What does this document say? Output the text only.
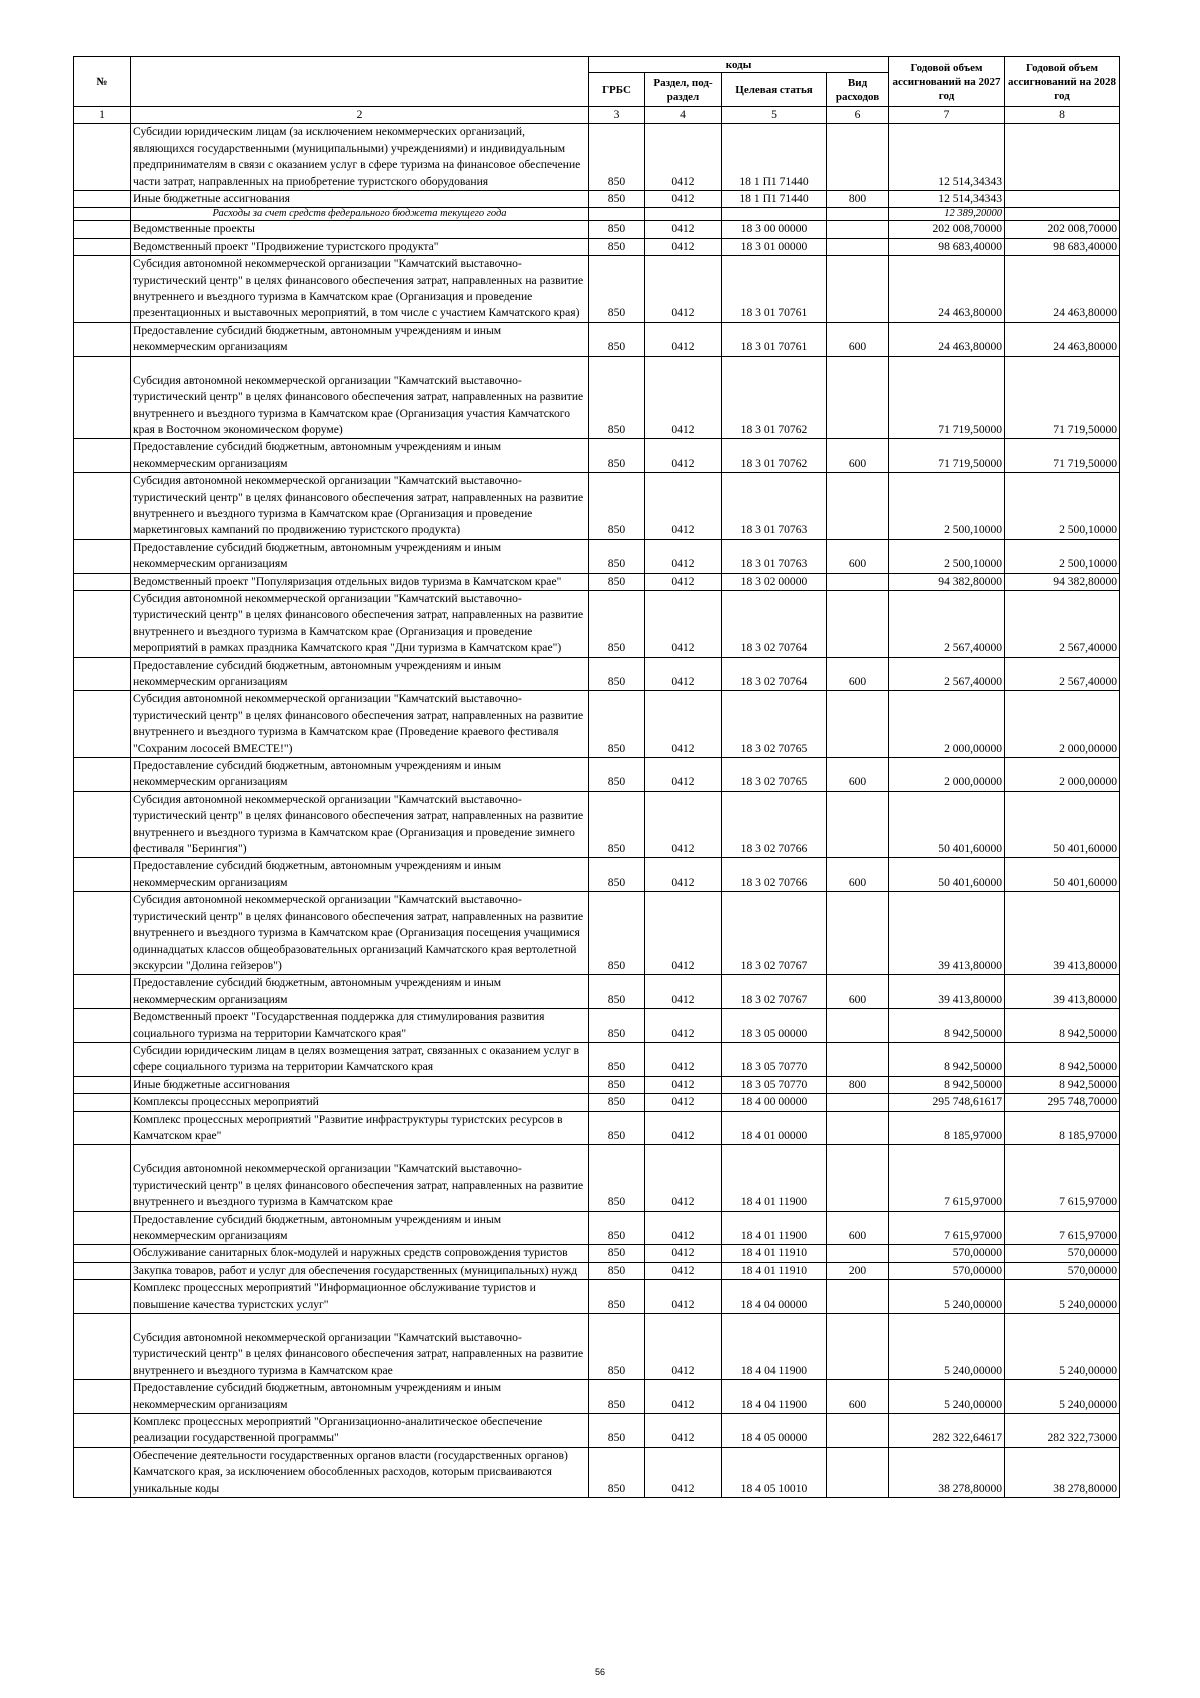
№		коды				Годовой объем ассигнований на 2027 год	Годовой объем ассигнований на 2028 год
		ГРБС	Раздел, под-раздел	Целевая статья	Вид расходов		
1	2	3	4	5	6	7	8
	Субсидии юридическим лицам (за исключением некоммерческих организаций, являющихся государственными (муниципальными) учреждениями) и индивидуальным предпринимателям в связи с оказанием услуг в сфере туризма на финансовое обеспечение части затрат, направленных на приобретение туристского оборудования	850	0412	18 1 П1 71440		12 514,34343	
	Иные бюджетные ассигнования	850	0412	18 1 П1 71440	800	12 514,34343	
	Расходы за счет средств федерального бюджета текущего года					12 389,20000	
	Ведомственные проекты	850	0412	18 3 00 00000		202 008,70000	202 008,70000
	Ведомственный проект "Продвижение туристского продукта"	850	0412	18 3 01 00000		98 683,40000	98 683,40000
	Субсидия автономной некоммерческой организации "Камчатский выставочно-туристический центр" в целях финансового обеспечения затрат, направленных на развитие внутреннего и въездного туризма в Камчатском крае (Организация и проведение презентационных и выставочных мероприятий, в том числе с участием Камчатского края)	850	0412	18 3 01 70761		24 463,80000	24 463,80000
	Предоставление субсидий бюджетным, автономным учреждениям и иным некоммерческим организациям	850	0412	18 3 01 70761	600	24 463,80000	24 463,80000
	Субсидия автономной некоммерческой организации "Камчатский выставочно-туристический центр" в целях финансового обеспечения затрат, направленных на развитие внутреннего и въездного туризма в Камчатском крае (Организация участия Камчатского края в Восточном экономическом форуме)	850	0412	18 3 01 70762		71 719,50000	71 719,50000
	Предоставление субсидий бюджетным, автономным учреждениям и иным некоммерческим организациям	850	0412	18 3 01 70762	600	71 719,50000	71 719,50000
	Субсидия автономной некоммерческой организации "Камчатский выставочно-туристический центр" в целях финансового обеспечения затрат, направленных на развитие внутреннего и въездного туризма в Камчатском крае (Организация и проведение маркетинговых кампаний по продвижению туристского продукта)	850	0412	18 3 01 70763		2 500,10000	2 500,10000
	Предоставление субсидий бюджетным, автономным учреждениям и иным некоммерческим организациям	850	0412	18 3 01 70763	600	2 500,10000	2 500,10000
	Ведомственный проект "Популяризация отдельных видов туризма в Камчатском крае"	850	0412	18 3 02 00000		94 382,80000	94 382,80000
	Субсидия автономной некоммерческой организации "Камчатский выставочно-туристический центр" в целях финансового обеспечения затрат, направленных на развитие внутреннего и въездного туризма в Камчатском крае (Организация и проведение мероприятий в рамках праздника Камчатского края "Дни туризма в Камчатском крае")	850	0412	18 3 02 70764		2 567,40000	2 567,40000
	Предоставление субсидий бюджетным, автономным учреждениям и иным некоммерческим организациям	850	0412	18 3 02 70764	600	2 567,40000	2 567,40000
	Субсидия автономной некоммерческой организации "Камчатский выставочно-туристический центр" в целях финансового обеспечения затрат, направленных на развитие внутреннего и въездного туризма в Камчатском крае (Проведение краевого фестиваля "Сохраним лососей ВМЕСТЕ!")	850	0412	18 3 02 70765		2 000,00000	2 000,00000
	Предоставление субсидий бюджетным, автономным учреждениям и иным некоммерческим организациям	850	0412	18 3 02 70765	600	2 000,00000	2 000,00000
	Субсидия автономной некоммерческой организации "Камчатский выставочно-туристический центр" в целях финансового обеспечения затрат, направленных на развитие внутреннего и въездного туризма в Камчатском крае (Организация и проведение зимнего фестиваля "Берингия")	850	0412	18 3 02 70766		50 401,60000	50 401,60000
	Предоставление субсидий бюджетным, автономным учреждениям и иным некоммерческим организациям	850	0412	18 3 02 70766	600	50 401,60000	50 401,60000
	Субсидия автономной некоммерческой организации "Камчатский выставочно-туристический центр" в целях финансового обеспечения затрат, направленных на развитие внутреннего и въездного туризма в Камчатском крае (Организация посещения учащимися одиннадцатых классов общеобразовательных организаций Камчатского края вертолетной экскурсии "Долина гейзеров")	850	0412	18 3 02 70767		39 413,80000	39 413,80000
	Предоставление субсидий бюджетным, автономным учреждениям и иным некоммерческим организациям	850	0412	18 3 02 70767	600	39 413,80000	39 413,80000
	Ведомственный проект "Государственная поддержка для стимулирования развития социального туризма на территории Камчатского края"	850	0412	18 3 05 00000		8 942,50000	8 942,50000
	Субсидии юридическим лицам в целях возмещения затрат, связанных с оказанием услуг в сфере социального туризма на территории Камчатского края	850	0412	18 3 05 70770		8 942,50000	8 942,50000
	Иные бюджетные ассигнования	850	0412	18 3 05 70770	800	8 942,50000	8 942,50000
	Комплексы процессных мероприятий	850	0412	18 4 00 00000		295 748,61617	295 748,70000
	Комплекс процессных мероприятий "Развитие инфраструктуры туристских ресурсов в Камчатском крае"	850	0412	18 4 01 00000		8 185,97000	8 185,97000
	Субсидия автономной некоммерческой организации "Камчатский выставочно-туристический центр" в целях финансового обеспечения затрат, направленных на развитие внутреннего и въездного туризма в Камчатском крае	850	0412	18 4 01 11900		7 615,97000	7 615,97000
	Предоставление субсидий бюджетным, автономным учреждениям и иным некоммерческим организациям	850	0412	18 4 01 11900	600	7 615,97000	7 615,97000
	Обслуживание санитарных блок-модулей и наружных средств сопровождения туристов	850	0412	18 4 01 11910		570,00000	570,00000
	Закупка товаров, работ и услуг для обеспечения государственных (муниципальных) нужд	850	0412	18 4 01 11910	200	570,00000	570,00000
	Комплекс процессных мероприятий "Информационное обслуживание туристов и повышение качества туристских услуг"	850	0412	18 4 04 00000		5 240,00000	5 240,00000
	Субсидия автономной некоммерческой организации "Камчатский выставочно-туристический центр" в целях финансового обеспечения затрат, направленных на развитие внутреннего и въездного туризма в Камчатском крае	850	0412	18 4 04 11900		5 240,00000	5 240,00000
	Предоставление субсидий бюджетным, автономным учреждениям и иным некоммерческим организациям	850	0412	18 4 04 11900	600	5 240,00000	5 240,00000
	Комплекс процессных мероприятий "Организационно-аналитическое обеспечение реализации государственной программы"	850	0412	18 4 05 00000		282 322,64617	282 322,73000
	Обеспечение деятельности государственных органов власти (государственных органов) Камчатского края, за исключением обособленных расходов, которым присваиваются уникальные коды	850	0412	18 4 05 10010		38 278,80000	38 278,80000
56
